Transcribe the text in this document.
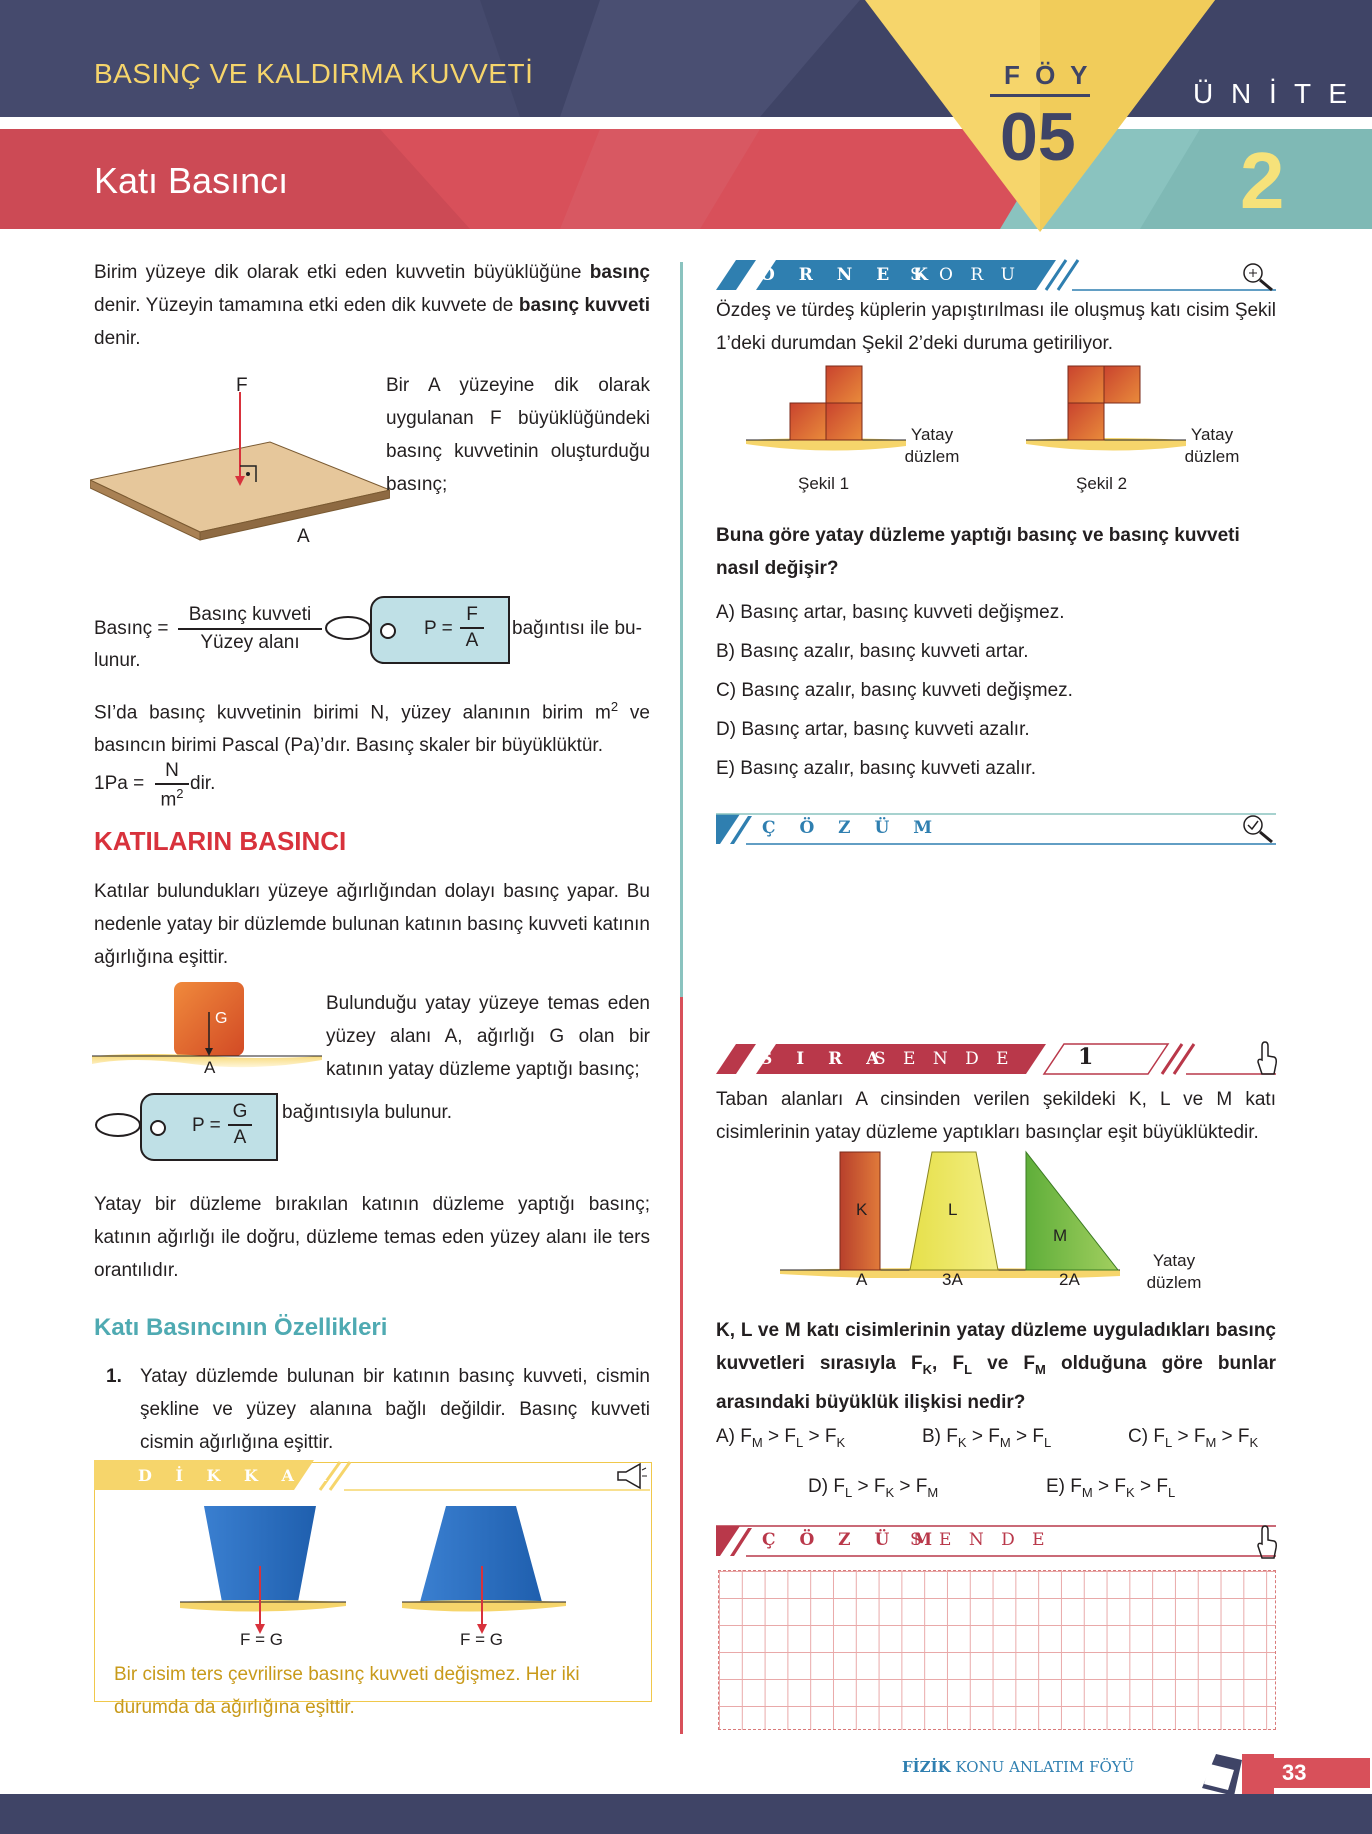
BASINÇ VE KALDIRMA KUVVETİ
Katı Basıncı
F Ö Y
05
Ü N İ T E
2
Birim yüzeye dik olarak etki eden kuvvetin büyüklüğüne basınç denir. Yüzeyin tamamına etki eden dik kuvvete de basınç kuvveti denir.
F
A
Bir A yüzeyine dik olarak uygulanan F büyüklüğündeki basınç kuvvetinin oluşturduğu basınç;
Basınç =
Basınç kuvveti
Yüzey alanı
lunur.
P =
F
A
bağıntısı ile bu-
SI’da basınç kuvvetinin birimi N, yüzey alanının birim $m^2$ ve basıncın birimi Pascal (Pa)’dır. Basınç skaler bir büyüklüktür.
1Pa =
N
$m^2$ dir.
KATILARIN BASINCI
Katılar bulundukları yüzeye ağırlığından dolayı basınç yapar. Bu nedenle yatay bir düzlemde bulunan katının basınç kuvveti katının ağırlığına eşittir.
G
A
Bulunduğu yatay yüzeye temas eden yüzey alanı A, ağırlığı G olan bir katının yatay düzleme yaptığı basınç;
P =
G
A
bağıntısıyla bulunur.
Yatay bir düzleme bırakılan katının düzleme yaptığı basınç; katının ağırlığı ile doğru, düzleme temas eden yüzey alanı ile ters orantılıdır.
Katı Basıncının Özellikleri
1. Yatay düzlemde bulunan bir katının basınç kuvveti, cismin şekline ve yüzey alanına bağlı değildir. Basınç kuvveti cismin ağırlığına eşittir.
D İ K K A T
F = G	F = G
Bir cisim ters çevrilirse basınç kuvveti değişmez. Her iki durumda da ağırlığına eşittir.
Ö R N E K
S O R U
Özdeş ve türdeş küplerin yapıştırılması ile oluşmuş katı cisim Şekil 1’deki durumdan Şekil 2’deki duruma getiriliyor.
Yatay düzlem
Yatay düzlem
Şekil 1	Şekil 2
Buna göre yatay düzleme yaptığı basınç ve basınç kuvveti nasıl değişir?
A) Basınç artar, basınç kuvveti değişmez.
B) Basınç azalır, basınç kuvveti artar.
C) Basınç azalır, basınç kuvveti değişmez.
D) Basınç artar, basınç kuvveti azalır.
E) Basınç azalır, basınç kuvveti azalır.
Ç Ö Z Ü M
S I R A
S E N D E	1
Taban alanları A cinsinden verilen şekildeki K, L ve M katı cisimlerinin yatay düzleme yaptıkları basınçlar eşit büyüklüktedir.
K	L
M
A	3A	2A
Yatay düzlem
K, L ve M katı cisimlerinin yatay düzleme uyguladıkları basınç kuvvetleri sırasıyla $F_K$, $F_L$ ve $F_M$ olduğuna göre bunlar arasındaki büyüklük ilişkisi nedir?
A) $F_M > F_L > F_K$	B) $F_K > F_M > F_L$	C) $F_L > F_M > F_K$
D) $F_L > F_K > F_M$	E) $F_M > F_K > F_L$
Ç Ö Z Ü M
S E N D E
FİZİK KONU ANLATIM FÖYÜ	33
